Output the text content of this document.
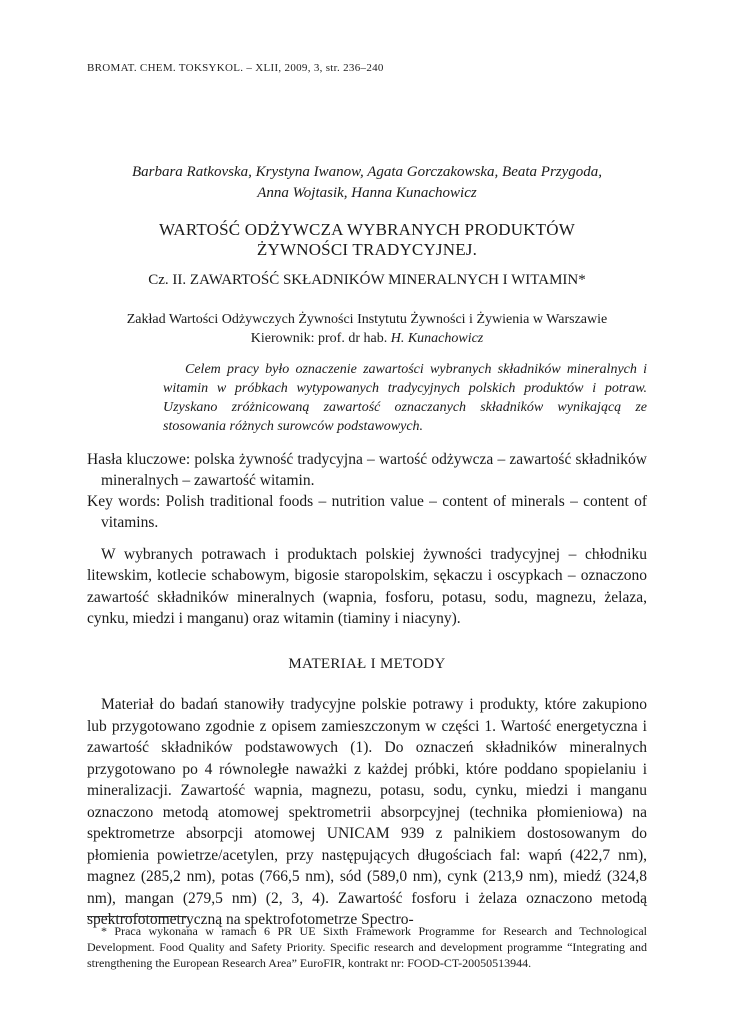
BROMAT. CHEM. TOKSYKOL. – XLII, 2009, 3, str. 236–240
Barbara Ratkovska, Krystyna Iwanow, Agata Gorczakowska, Beata Przygoda,
Anna Wojtasik, Hanna Kunachowicz
WARTOŚĆ ODŻYWCZA WYBRANYCH PRODUKTÓW
ŻYWNOŚCI TRADYCYJNEJ.
Cz. II. ZAWARTOŚĆ SKŁADNIKÓW MINERALNYCH I WITAMIN*
Zakład Wartości Odżywczych Żywności Instytutu Żywności i Żywienia w Warszawie
Kierownik: prof. dr hab. H. Kunachowicz

Celem pracy było oznaczenie zawartości wybranych składników mineralnych i witamin w próbkach wytypowanych tradycyjnych polskich produktów i potraw. Uzyskano zróżnicowaną zawartość oznaczanych składników wynikającą ze stosowania różnych surowców podstawowych.

Hasła kluczowe: polska żywność tradycyjna – wartość odżywcza – zawartość składników mineralnych – zawartość witamin.

Key words: Polish traditional foods – nutrition value – content of minerals – content of vitamins.

W wybranych potrawach i produktach polskiej żywności tradycyjnej – chłodniku litewskim, kotlecie schabowym, bigosie staropolskim, sękaczu i oscypkach – oznaczono zawartość składników mineralnych (wapnia, fosforu, potasu, sodu, magnezu, żelaza, cynku, miedzi i manganu) oraz witamin (tiaminy i niacyny).

MATERIAŁ I METODY

Materiał do badań stanowiły tradycyjne polskie potrawy i produkty, które zakupiono lub przygotowano zgodnie z opisem zamieszczonym w części 1. Wartość energetyczna i zawartość składników podstawowych (1). Do oznaczeń składników mineralnych przygotowano po 4 równoległe naważki z każdej próbki, które poddano spopielaniu i mineralizacji. Zawartość wapnia, magnezu, potasu, sodu, cynku, miedzi i manganu oznaczono metodą atomowej spektrometrii absorpcyjnej (technika płomieniowa) na spektrometrze absorpcji atomowej UNICAM 939 z palnikiem dostosowanym do płomienia powietrze/acetylen, przy następujących długościach fal: wapń (422,7 nm), magnez (285,2 nm), potas (766,5 nm), sód (589,0 nm), cynk (213,9 nm), miedź (324,8 nm), mangan (279,5 nm) (2, 3, 4). Zawartość fosforu i żelaza oznaczono metodą spektrofotometryczną na spektrofotometrze Spectro-

* Praca wykonana w ramach 6 PR UE Sixth Framework Programme for Research and Technological Development. Food Quality and Safety Priority. Specific research and development programme “Integrating and strengthening the European Research Area” EuroFIR, kontrakt nr: FOOD-CT-20050513944.
